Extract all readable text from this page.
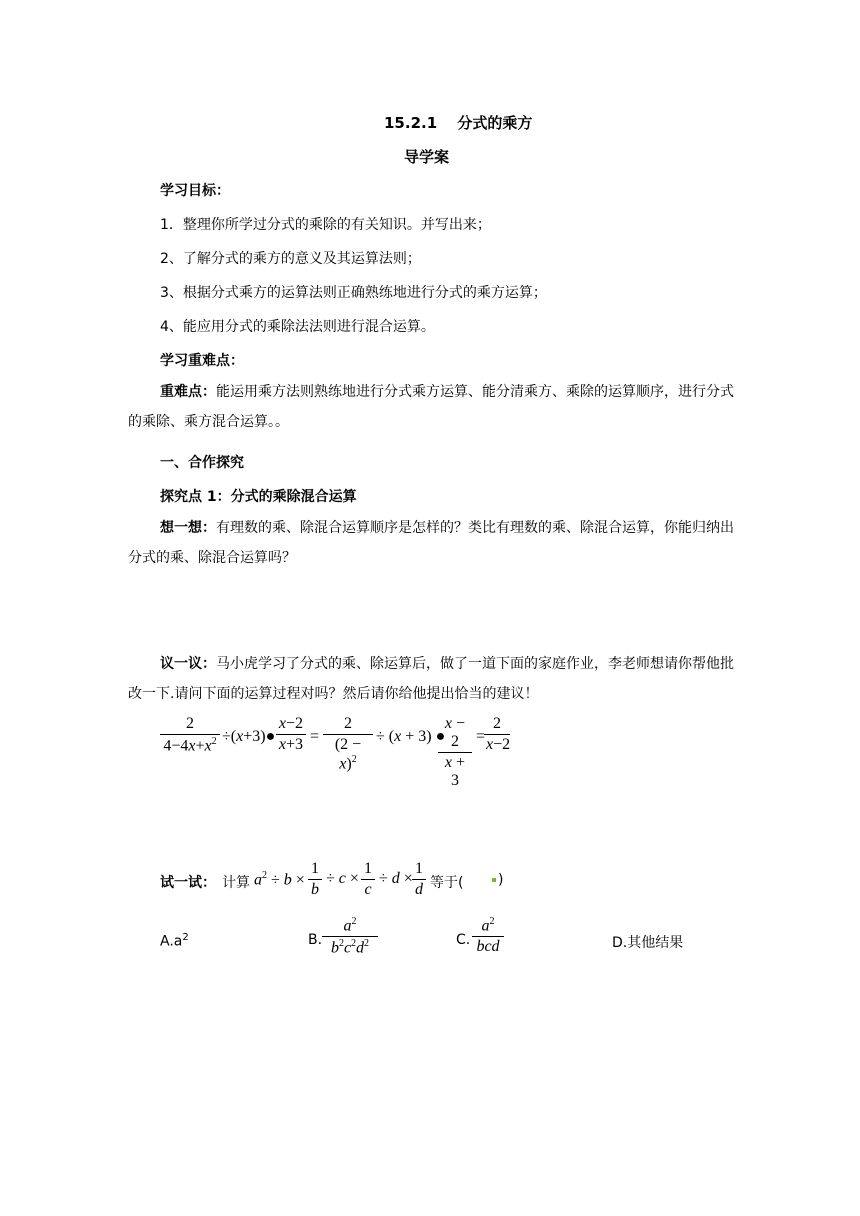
15.2.1　 分式的乘方
导学案
学习目标：
1．整理你所学过分式的乘除的有关知识。并写出来；
2、了解分式的乘方的意义及其运算法则；
3、根据分式乘方的运算法则正确熟练地进行分式的乘方运算；
4、能应用分式的乘除法法则进行混合运算。
学习重难点：
重难点：能运用乘方法则熟练地进行分式乘方运算、能分清乘方、乘除的运算顺序，进行分式的乘除、乘方混合运算。。
一、合作探究
探究点 1：分式的乘除混合运算
想一想：有理数的乘、除混合运算顺序是怎样的？类比有理数的乘、除混合运算，你能归纳出分式的乘、除混合运算吗？
议一议：马小虎学习了分式的乘、除运算后，做了一道下面的家庭作业，李老师想请你帮他批改一下.请问下面的运算过程对吗？然后请你给他提出恰当的建议！
2
$4-4x+x^2$ ÷(x+3)●
x−2
x+3 =
2
$(2 - x)^2$
÷ (x + 3) ●
x − 2
x + 3
=
2
x−2
试一试： 计算 $a^2 \div b$ ×
1
b
÷ c ×
1
c
÷ d ×
1
d 等于( )
$A.a^2$	B.
$a^2$
$b^2c^2d^2$	C.
$a^2$
bcd	D.其他结果
